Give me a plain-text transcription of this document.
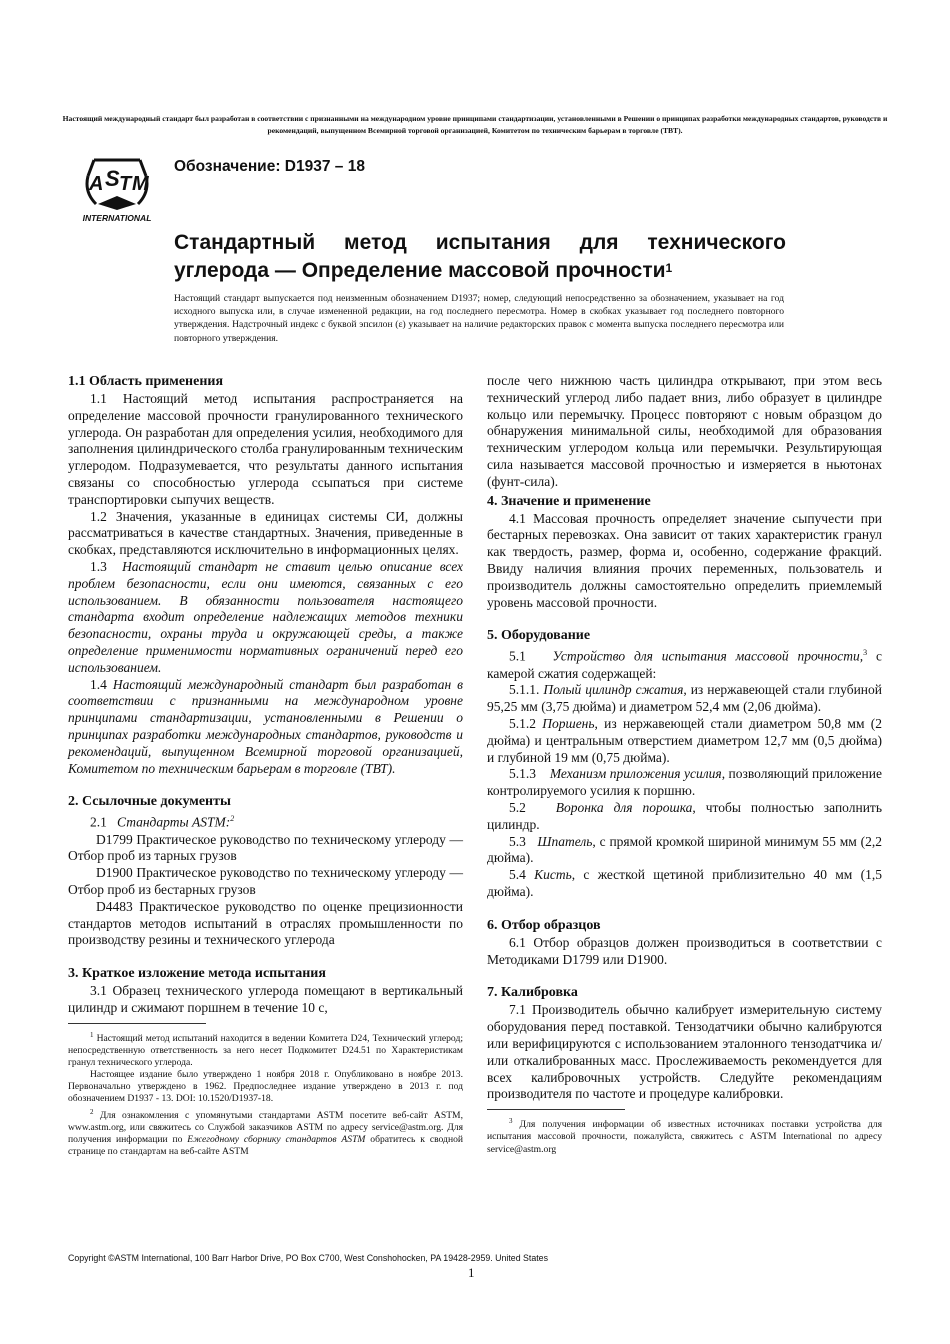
Настоящий международный стандарт был разработан в соответствии с признанными на международном уровне принципами стандартизации, установленными в Решении о принципах разработки международных стандартов, руководств и рекомендаций, выпущенном Всемирной торговой организацией, Комитетом по техническим барьерам в торговле (ТВТ).
A S T M
INTERNATIONAL
Обозначение: D1937 – 18
Стандартный метод испытания для технического углерода — Определение массовой прочности$^1$
Настоящий стандарт выпускается под неизменным обозначением D1937; номер, следующий непосредственно за обозначением, указывает на год исходного выпуска или, в случае измененной редакции, на год последнего пересмотра. Номер в скобках указывает год последнего повторного утверждения. Надстрочный индекс с буквой эпсилон (ε) указывает на наличие редакторских правок с момента выпуска последнего пересмотра или повторного утверждения.
1.1 Область применения

1.1 Настоящий метод испытания распространяется на определение массовой прочности гранулированного технического углерода. Он разработан для определения усилия, необходимого для заполнения цилиндрического столба гранулированным техническим углеродом. Подразумевается, что результаты данного испытания связаны со способностью углерода ссыпаться при системе транспортировки сыпучих веществ.

1.2 Значения, указанные в единицах системы СИ, должны рассматриваться в качестве стандартных. Значения, приведенные в скобках, представляются исключительно в информационных целях.

1.3 Настоящий стандарт не ставит целью описание всех проблем безопасности, если они имеются, связанных с его использованием. В обязанности пользователя настоящего стандарта входит определение надлежащих методов техники безопасности, охраны труда и окружающей среды, а также определение применимости нормативных ограничений перед его использованием.

1.4 Настоящий международный стандарт был разработан в соответствии с признанными на международном уровне принципами стандартизации, установленными в Решении о принципах разработки международных стандартов, руководств и рекомендаций, выпущенном Всемирной торговой организацией, Комитетом по техническим барьерам в торговле (ТВТ).

2. Ссылочные документы

2.1 Стандарты ASTM:$^2$

D1799 Практическое руководство по техническому углероду — Отбор проб из тарных грузов

D1900 Практическое руководство по техническому углероду — Отбор проб из бестарных грузов

D4483 Практическое руководство по оценке прецизионности стандартов методов испытаний в отраслях промышленности по производству резины и технического углерода

3. Краткое изложение метода испытания

3.1 Образец технического углерода помещают в вертикальный цилиндр и сжимают поршнем в течение 10 с,

$^1$ Настоящий метод испытаний находится в ведении Комитета D24, Технический углерод; непосредственную ответственность за него несет Подкомитет D24.51 по Характеристикам гранул технического углерода.

Настоящее издание было утверждено 1 ноября 2018 г. Опубликовано в ноябре 2013. Первоначально утверждено в 1962. Предпоследнее издание утверждено в 2013 г. под обозначением D1937 - 13. DOI: 10.1520/D1937-18.

$^2$ Для ознакомления с упомянутыми стандартами ASTM посетите веб-сайт ASTM, www.astm.org, или свяжитесь со Службой заказчиков ASTM по адресу service@astm.org. Для получения информации по Ежегодному сборнику стандартов ASTM обратитесь к сводной странице по стандартам на веб-сайте ASTM

после чего нижнюю часть цилиндра открывают, при этом весь технический углерод либо падает вниз, либо образует в цилиндре кольцо или перемычку. Процесс повторяют с новым образцом до обнаружения минимальной силы, необходимой для образования техническим углеродом кольца или перемычки. Результирующая сила называется массовой прочностью и измеряется в ньютонах (фунт-сила).

4. Значение и применение

4.1 Массовая прочность определяет значение сыпучести при бестарных перевозках. Она зависит от таких характеристик гранул как твердость, размер, форма и, особенно, содержание фракций. Ввиду наличия влияния прочих переменных, пользователь и производитель должны самостоятельно определить приемлемый уровень массовой прочности.

5. Оборудование

5.1 Устройство для испытания массовой прочности,$^3$ с камерой сжатия содержащей:

5.1.1. Полый цилиндр сжатия, из нержавеющей стали глубиной 95,25 мм (3,75 дюйма) и диаметром 52,4 мм (2,06 дюйма).

5.1.2 Поршень, из нержавеющей стали диаметром 50,8 мм (2 дюйма) и центральным отверстием диаметром 12,7 мм (0,5 дюйма) и глубиной 19 мм (0,75 дюйма).

5.1.3 Механизм приложения усилия, позволяющий приложение контролируемого усилия к поршню.

5.2 Воронка для порошка, чтобы полностью заполнить цилиндр.

5.3 Шпатель, с прямой кромкой шириной минимум 55 мм (2,2 дюйма).

5.4 Кисть, с жесткой щетиной приблизительно 40 мм (1,5 дюйма).

6. Отбор образцов

6.1 Отбор образцов должен производиться в соответствии с Методиками D1799 или D1900.

7. Калибровка

7.1 Производитель обычно калибрует измерительную систему оборудования перед поставкой. Тензодатчики обычно калибруются или верифицируются с использованием эталонного тензодатчика и/или откалиброванных масс. Прослеживаемость рекомендуется для всех калибровочных устройств. Следуйте рекомендациям производителя по частоте и процедуре калибровки.

$^3$ Для получения информации об известных источниках поставки устройства для испытания массовой прочности, пожалуйста, свяжитесь с ASTM International по адресу service@astm.org

Copyright ©ASTM International, 100 Barr Harbor Drive, PO Box C700, West Conshohocken, PA 19428-2959. United States
1
